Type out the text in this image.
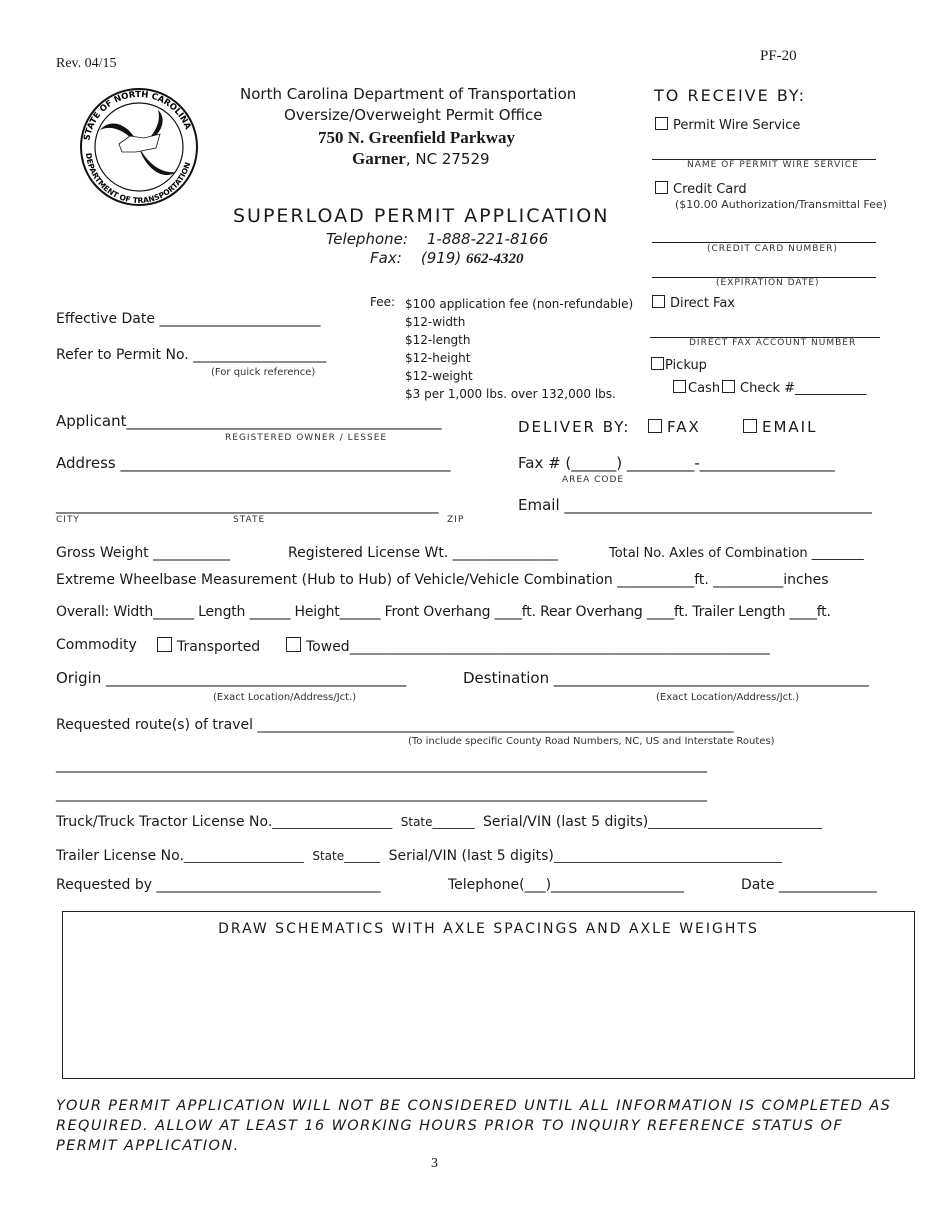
Rev. 04/15	PF-20
STATE OF NORTH CAROLINA
DEPARTMENT OF TRANSPORTATION
North Carolina Department of Transportation
Oversize/Overweight Permit Office
750 N. Greenfield Parkway
Garner, NC 27529
SUPERLOAD PERMIT APPLICATION
Telephone: 1-888-221-8166
Fax: (919) 662-4320
TO RECEIVE BY:
Permit Wire Service
NAME OF PERMIT WIRE SERVICE
Credit Card
($10.00 Authorization/Transmittal Fee)
(CREDIT CARD NUMBER)
(EXPIRATION DATE)
Direct Fax
DIRECT FAX ACCOUNT NUMBER
Pickup
Cash	Check #___________
Fee: $100 application fee (non-refundable)
$12-width
$12-length
$12-height
$12-weight
$3 per 1,000 lbs. over 132,000 lbs.
Effective Date _______________________
Refer to Permit No. ___________________
(For quick reference)
Applicant__________________________________________
REGISTERED OWNER / LESSEE
DELIVER BY:	FAX	EMAIL
Address ____________________________________________	Fax # (______) _________-__________________
AREA CODE
___________________________________________________
CITY	STATE	ZIP
Email _________________________________________
Gross Weight ___________	Registered License Wt. _______________	Total No. Axles of Combination ________
Extreme Wheelbase Measurement (Hub to Hub) of Vehicle/Vehicle Combination ___________ft. __________inches
Overall: Width______ Length ______ Height______ Front Overhang ____ft. Rear Overhang ____ft. Trailer Length ____ft.
Commodity	Transported	Towed____________________________________________________________
Origin ________________________________________	Destination __________________________________________
(Exact Location/Address/Jct.)	(Exact Location/Address/Jct.)
Requested route(s) of travel ____________________________________________________________________
(To include specific County Road Numbers, NC, US and Interstate Routes)
_____________________________________________________________________________________________
_____________________________________________________________________________________________
Truck/Truck Tractor License No.____________________ State_______ Serial/VIN (last 5 digits)_____________________________
Trailer License No.____________________ State______ Serial/VIN (last 5 digits)______________________________________
Requested by ________________________________	Telephone(___)___________________	Date ______________
DRAW SCHEMATICS WITH AXLE SPACINGS AND AXLE WEIGHTS
YOUR PERMIT APPLICATION WILL NOT BE CONSIDERED UNTIL ALL INFORMATION IS COMPLETED AS
REQUIRED. ALLOW AT LEAST 16 WORKING HOURS PRIOR TO INQUIRY REFERENCE STATUS OF
PERMIT APPLICATION.
3
